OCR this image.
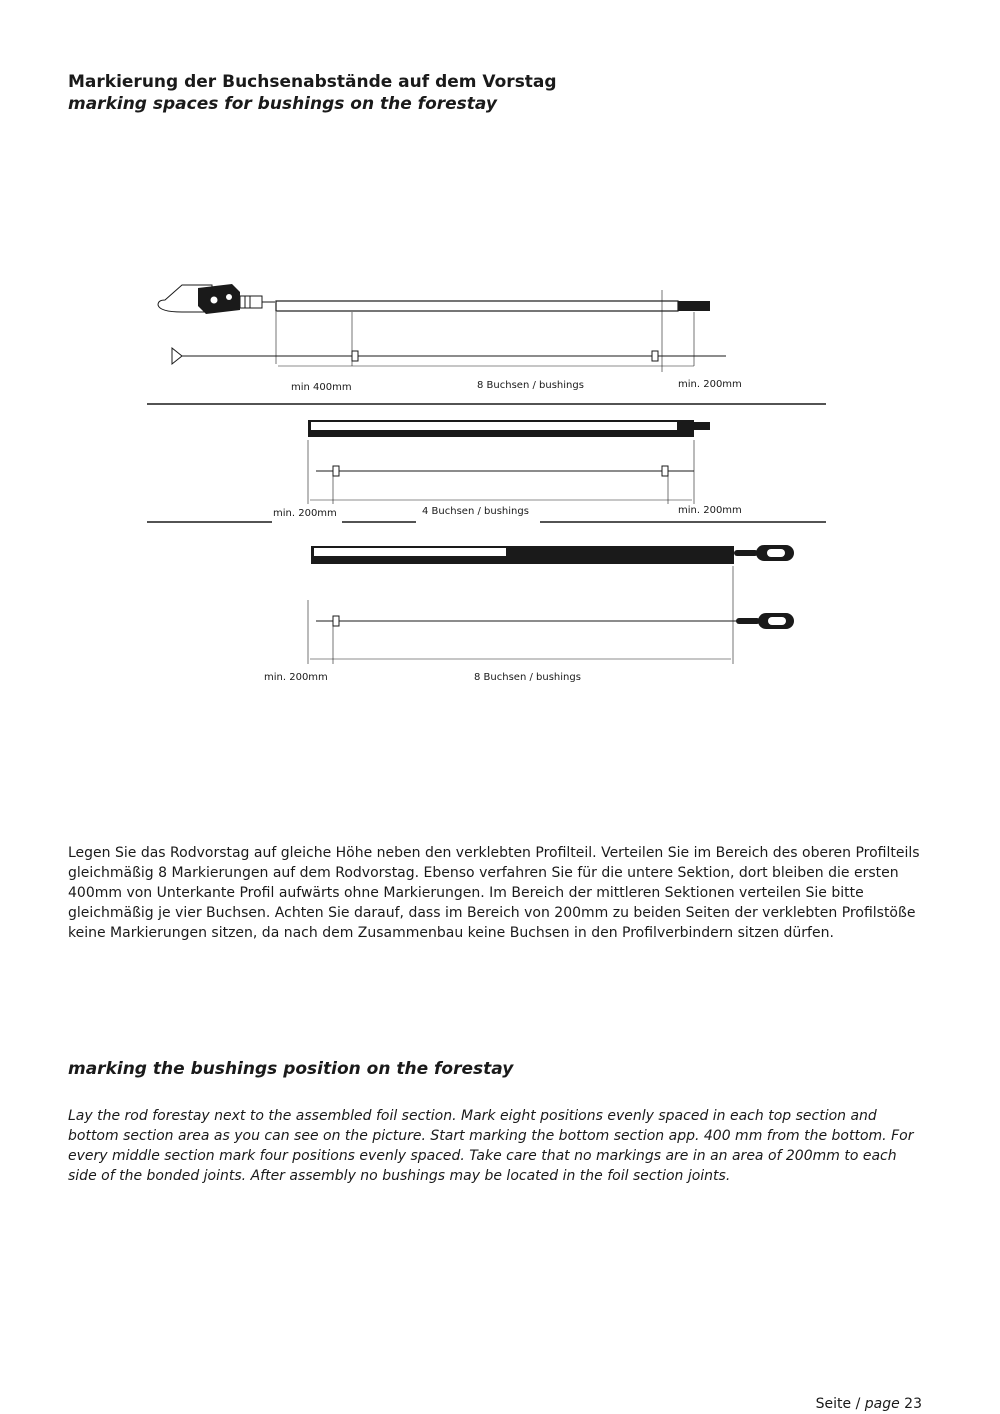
Markierung der Buchsenabstände auf dem Vorstag
marking spaces for bushings on the forestay
min 400mm	8 Buchsen / bushings	min. 200mm
min. 200mm	4 Buchsen / bushings	min. 200mm
min. 200mm	8 Buchsen / bushings

Legen Sie das Rodvorstag auf gleiche Höhe neben den verklebten Profilteil. Verteilen Sie im Bereich des oberen Profilteils gleichmäßig 8 Markierungen auf dem Rodvorstag. Ebenso verfahren Sie für die untere Sektion, dort bleiben die ersten 400mm von Unterkante Profil aufwärts ohne Markierungen. Im Bereich der mittleren Sektionen verteilen Sie bitte gleichmäßig je vier Buchsen. Achten Sie darauf, dass im Bereich von 200mm zu beiden Seiten der verklebten Profilstöße keine Markierungen sitzen, da nach dem Zusammenbau keine Buchsen in den Profilverbindern sitzen dürfen.

marking the bushings position on the forestay

Lay the rod forestay next to the assembled foil section. Mark eight positions evenly spaced in each top section and bottom section area as you can see on the picture. Start marking the bottom section app. 400 mm from the bottom. For every middle section mark four positions evenly spaced. Take care that no markings are in an area of 200mm to each side of the bonded joints. After assembly no bushings may be located in the foil section joints.

Seite / page 23
